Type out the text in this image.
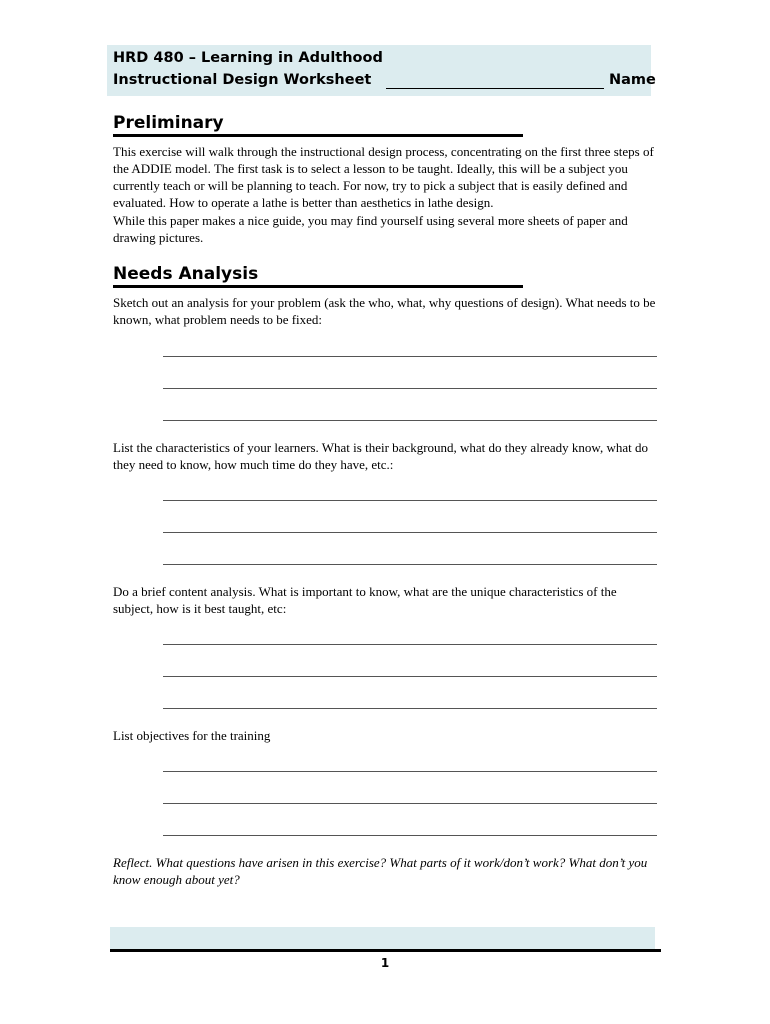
HRD 480 – Learning in Adulthood
Instructional Design Worksheet	Name
Preliminary

This exercise will walk through the instructional design process, concentrating on the first three steps of the ADDIE model. The first task is to select a lesson to be taught. Ideally, this will be a subject you currently teach or will be planning to teach. For now, try to pick a subject that is easily defined and evaluated. How to operate a lathe is better than aesthetics in lathe design.

While this paper makes a nice guide, you may find yourself using several more sheets of paper and drawing pictures.

Needs Analysis

Sketch out an analysis for your problem (ask the who, what, why questions of design). What needs to be known, what problem needs to be fixed:

List the characteristics of your learners. What is their background, what do they already know, what do they need to know, how much time do they have, etc.:

Do a brief content analysis. What is important to know, what are the unique characteristics of the subject, how is it best taught, etc:

List objectives for the training

Reflect. What questions have arisen in this exercise? What parts of it work/don’t work? What don’t you know enough about yet?

1
